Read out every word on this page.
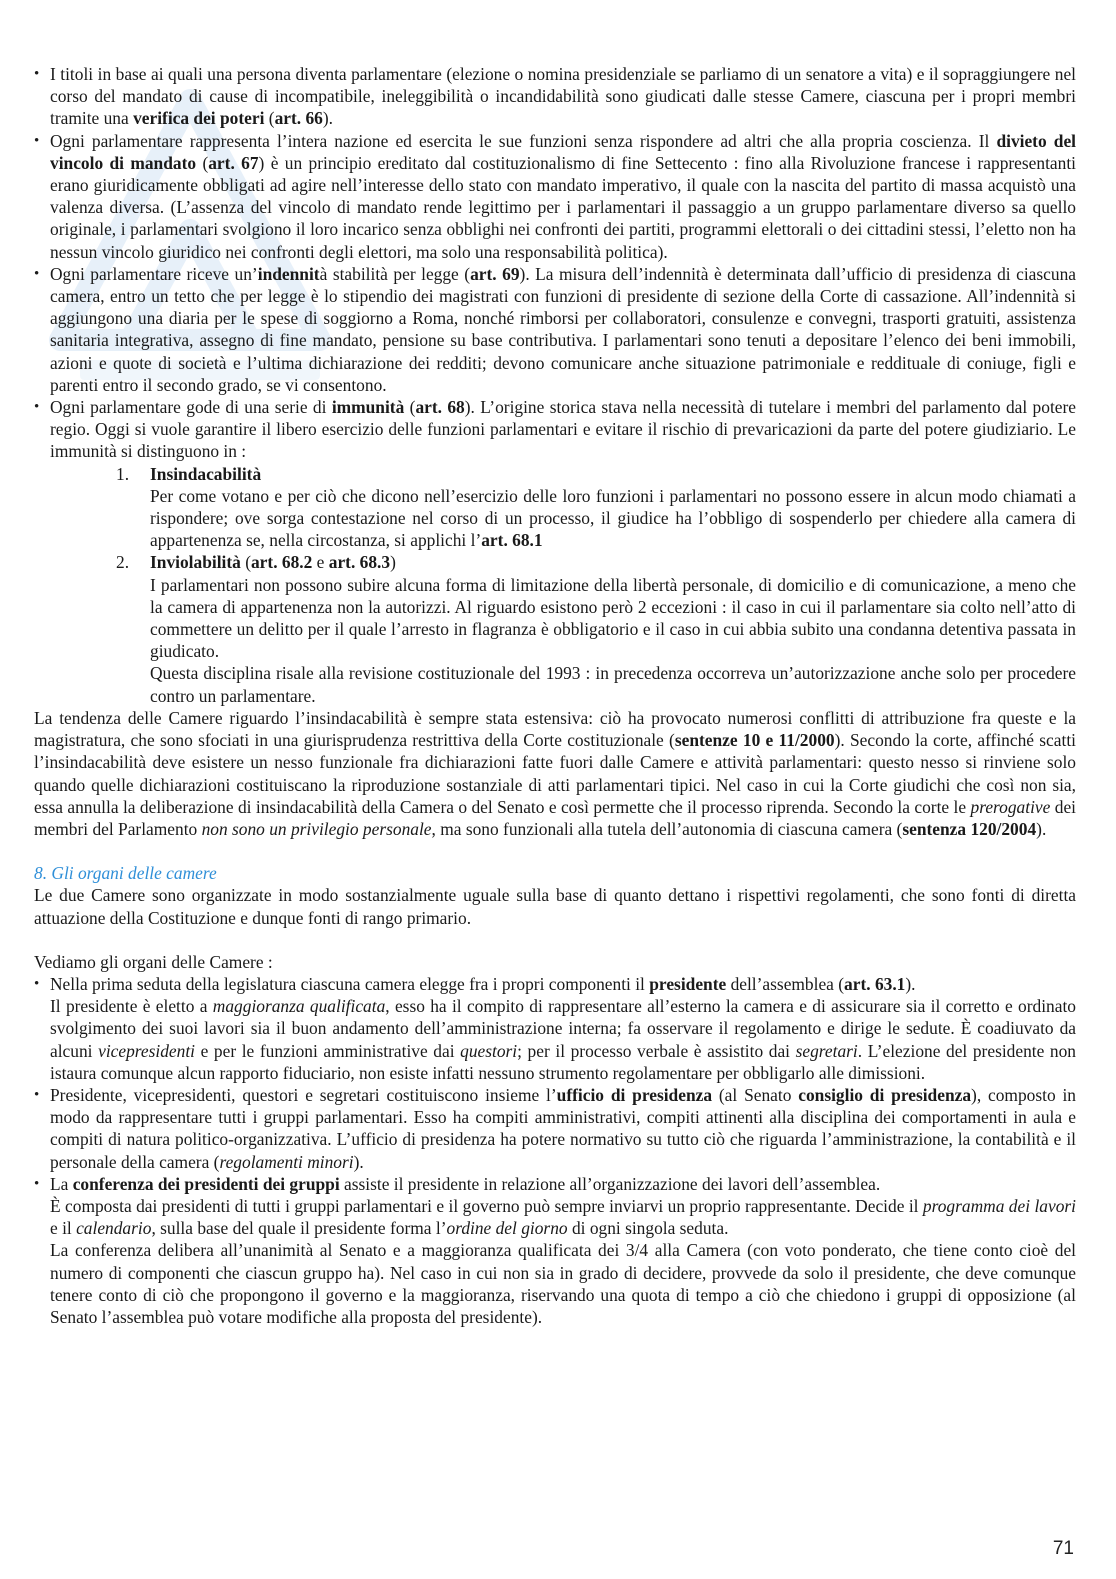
• I titoli in base ai quali una persona diventa parlamentare (elezione o nomina presidenziale se parliamo di un senatore a vita) e il sopraggiungere nel corso del mandato di cause di incompatibile, ineleggibilità o incandidabilità sono giudicati dalle stesse Camere, ciascuna per i propri membri tramite una verifica dei poteri (art. 66).
• Ogni parlamentare rappresenta l’intera nazione ed esercita le sue funzioni senza rispondere ad altri che alla propria coscienza. Il divieto del vincolo di mandato (art. 67) è un principio ereditato dal costituzionalismo di fine Settecento : fino alla Rivoluzione francese i rappresentanti erano giuridicamente obbligati ad agire nell’interesse dello stato con mandato imperativo, il quale con la nascita del partito di massa acquistò una valenza diversa. (L’assenza del vincolo di mandato rende legittimo per i parlamentari il passaggio a un gruppo parlamentare diverso sa quello originale, i parlamentari svolgiono il loro incarico senza obblighi nei confronti dei partiti, programmi elettorali o dei cittadini stessi, l’eletto non ha nessun vincolo giuridico nei confronti degli elettori, ma solo una responsabilità politica).
• Ogni parlamentare riceve un’indennità stabilità per legge (art. 69). La misura dell’indennità è determinata dall’ufficio di presidenza di ciascuna camera, entro un tetto che per legge è lo stipendio dei magistrati con funzioni di presidente di sezione della Corte di cassazione. All’indennità si aggiungono una diaria per le spese di soggiorno a Roma, nonché rimborsi per collaboratori, consulenze e convegni, trasporti gratuiti, assistenza sanitaria integrativa, assegno di fine mandato, pensione su base contributiva. I parlamentari sono tenuti a depositare l’elenco dei beni immobili, azioni e quote di società e l’ultima dichiarazione dei redditi; devono comunicare anche situazione patrimoniale e reddituale di coniuge, figli e parenti entro il secondo grado, se vi consentono.
• Ogni parlamentare gode di una serie di immunità (art. 68). L’origine storica stava nella necessità di tutelare i membri del parlamento dal potere regio. Oggi si vuole garantire il libero esercizio delle funzioni parlamentari e evitare il rischio di prevaricazioni da parte del potere giudiziario. Le immunità si distinguono in :
1. Insindacabilità
Per come votano e per ciò che dicono nell’esercizio delle loro funzioni i parlamentari no possono essere in alcun modo chiamati a rispondere; ove sorga contestazione nel corso di un processo, il giudice ha l’obbligo di sospenderlo per chiedere alla camera di appartenenza se, nella circostanza, si applichi l’art. 68.1
2. Inviolabilità (art. 68.2 e art. 68.3)
I parlamentari non possono subire alcuna forma di limitazione della libertà personale, di domicilio e di comunicazione, a meno che la camera di appartenenza non la autorizzi. Al riguardo esistono però 2 eccezioni : il caso in cui il parlamentare sia colto nell’atto di commettere un delitto per il quale l’arresto in flagranza è obbligatorio e il caso in cui abbia subito una condanna detentiva passata in giudicato.
Questa disciplina risale alla revisione costituzionale del 1993 : in precedenza occorreva un’autorizzazione anche solo per procedere contro un parlamentare.

La tendenza delle Camere riguardo l’insindacabilità è sempre stata estensiva: ciò ha provocato numerosi conflitti di attribuzione fra queste e la magistratura, che sono sfociati in una giurisprudenza restrittiva della Corte costituzionale (sentenze 10 e 11/2000). Secondo la corte, affinché scatti l’insindacabilità deve esistere un nesso funzionale fra dichiarazioni fatte fuori dalle Camere e attività parlamentari: questo nesso si rinviene solo quando quelle dichiarazioni costituiscano la riproduzione sostanziale di atti parlamentari tipici. Nel caso in cui la Corte giudichi che così non sia, essa annulla la deliberazione di insindacabilità della Camera o del Senato e così permette che il processo riprenda. Secondo la corte le prerogative dei membri del Parlamento non sono un privilegio personale, ma sono funzionali alla tutela dell’autonomia di ciascuna camera (sentenza 120/2004).

8. Gli organi delle camere

Le due Camere sono organizzate in modo sostanzialmente uguale sulla base di quanto dettano i rispettivi regolamenti, che sono fonti di diretta attuazione della Costituzione e dunque fonti di rango primario.

Vediamo gli organi delle Camere :

• Nella prima seduta della legislatura ciascuna camera elegge fra i propri componenti il presidente dell’assemblea (art. 63.1).
Il presidente è eletto a maggioranza qualificata, esso ha il compito di rappresentare all’esterno la camera e di assicurare sia il corretto e ordinato svolgimento dei suoi lavori sia il buon andamento dell’amministrazione interna; fa osservare il regolamento e dirige le sedute. È coadiuvato da alcuni vicepresidenti e per le funzioni amministrative dai questori; per il processo verbale è assistito dai segretari. L’elezione del presidente non istaura comunque alcun rapporto fiduciario, non esiste infatti nessuno strumento regolamentare per obbligarlo alle dimissioni.
• Presidente, vicepresidenti, questori e segretari costituiscono insieme l’ufficio di presidenza (al Senato consiglio di presidenza), composto in modo da rappresentare tutti i gruppi parlamentari. Esso ha compiti amministrativi, compiti attinenti alla disciplina dei comportamenti in aula e compiti di natura politico-organizzativa. L’ufficio di presidenza ha potere normativo su tutto ciò che riguarda l’amministrazione, la contabilità e il personale della camera (regolamenti minori).
• La conferenza dei presidenti dei gruppi assiste il presidente in relazione all’organizzazione dei lavori dell’assemblea.
È composta dai presidenti di tutti i gruppi parlamentari e il governo può sempre inviarvi un proprio rappresentante. Decide il programma dei lavori e il calendario, sulla base del quale il presidente forma l’ordine del giorno di ogni singola seduta.
La conferenza delibera all’unanimità al Senato e a maggioranza qualificata dei 3/4 alla Camera (con voto ponderato, che tiene conto cioè del numero di componenti che ciascun gruppo ha). Nel caso in cui non sia in grado di decidere, provvede da solo il presidente, che deve comunque tenere conto di ciò che propongono il governo e la maggioranza, riservando una quota di tempo a ciò che chiedono i gruppi di opposizione (al Senato l’assemblea può votare modifiche alla proposta del presidente).
71
